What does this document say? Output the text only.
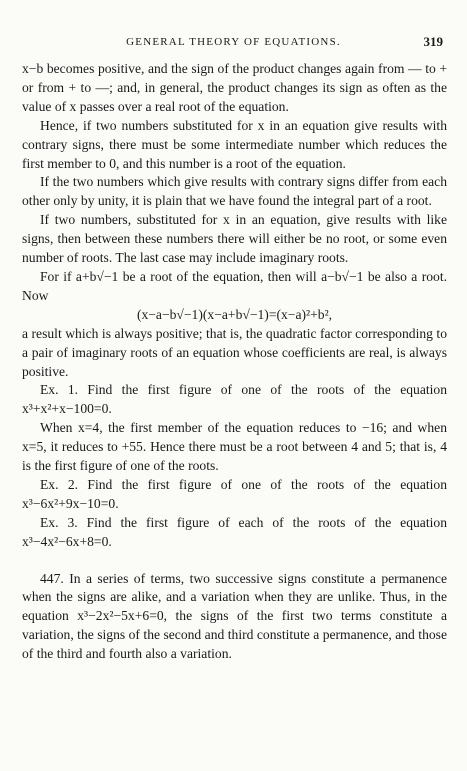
GENERAL THEORY OF EQUATIONS.	319

x−b becomes positive, and the sign of the product changes again from — to + or from + to —; and, in general, the product changes its sign as often as the value of x passes over a real root of the equation.

Hence, if two numbers substituted for x in an equation give results with contrary signs, there must be some intermediate number which reduces the first member to 0, and this number is a root of the equation.

If the two numbers which give results with contrary signs differ from each other only by unity, it is plain that we have found the integral part of a root.

If two numbers, substituted for x in an equation, give results with like signs, then between these numbers there will either be no root, or some even number of roots. The last case may include imaginary roots.

For if a+b√−1 be a root of the equation, then will a−b√−1 be also a root. Now

(x−a−b√−1)(x−a+b√−1)=(x−a)²+b²,

a result which is always positive; that is, the quadratic factor corresponding to a pair of imaginary roots of an equation whose coefficients are real, is always positive.

Ex. 1. Find the first figure of one of the roots of the equation x³+x²+x−100=0.

When x=4, the first member of the equation reduces to −16; and when x=5, it reduces to +55. Hence there must be a root between 4 and 5; that is, 4 is the first figure of one of the roots.

Ex. 2. Find the first figure of one of the roots of the equation x³−6x²+9x−10=0.

Ex. 3. Find the first figure of each of the roots of the equation x³−4x²−6x+8=0.

447. In a series of terms, two successive signs constitute a permanence when the signs are alike, and a variation when they are unlike. Thus, in the equation x³−2x²−5x+6=0, the signs of the first two terms constitute a variation, the signs of the second and third constitute a permanence, and those of the third and fourth also a variation.
